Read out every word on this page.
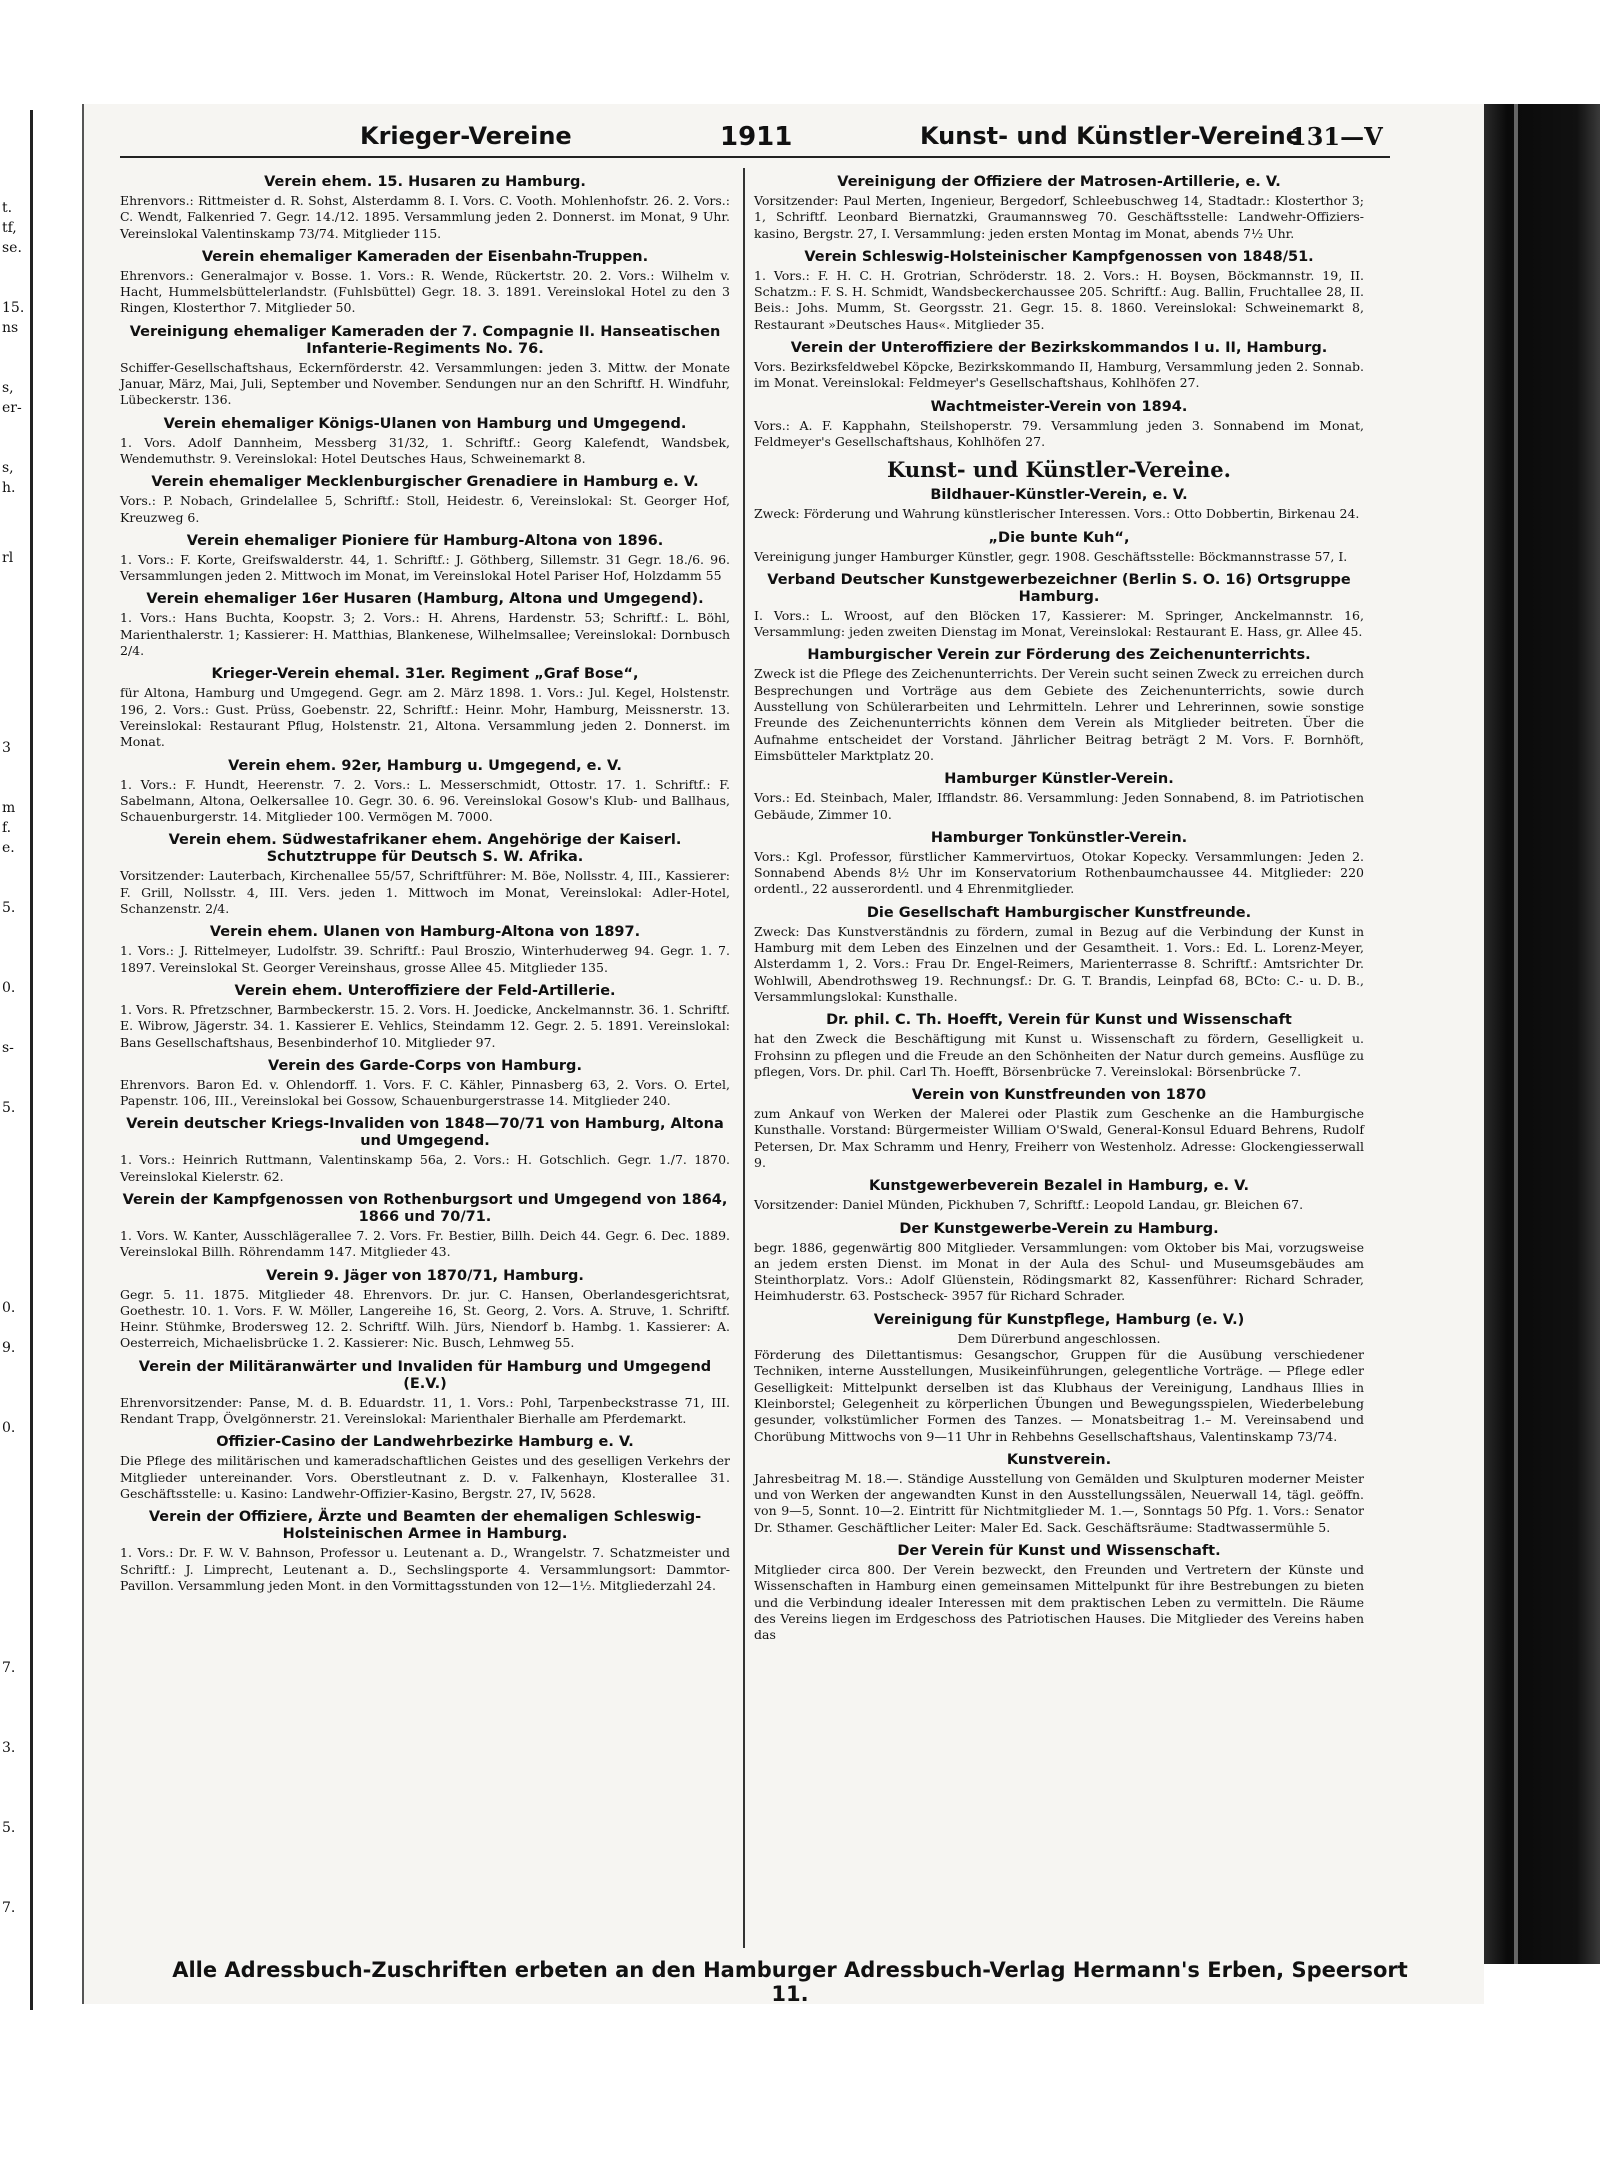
t.
tf,
se.
15.
ns
s,
er-
s,
h.
rl
3
m
f.
e.
5.
0.
s-
5.
0.
9.
0.
7.
3.
5.
7.
Krieger-Vereine	1911	Kunst- und Künstler-Vereine
131—V
Verein ehem. 15. Husaren zu Hamburg.
Ehrenvors.: Rittmeister d. R. Sohst, Alsterdamm 8. I. Vors. C. Vooth. Mohlenhofstr. 26. 2. Vors.: C. Wendt, Falkenried 7. Gegr. 14./12. 1895. Versammlung jeden 2. Donnerst. im Monat, 9 Uhr. Vereinslokal Valentinskamp 73/74. Mitglieder 115.
Verein ehemaliger Kameraden der Eisenbahn-Truppen.
Ehrenvors.: Generalmajor v. Bosse. 1. Vors.: R. Wende, Rückertstr. 20. 2. Vors.: Wilhelm v. Hacht, Hummelsbüttelerlandstr. (Fuhlsbüttel) Gegr. 18. 3. 1891. Vereinslokal Hotel zu den 3 Ringen, Klosterthor 7. Mitglieder 50.
Vereinigung ehemaliger Kameraden der 7. Compagnie II. Hanseatischen Infanterie-Regiments No. 76.
Schiffer-Gesellschaftshaus, Eckernförderstr. 42. Versammlungen: jeden 3. Mittw. der Monate Januar, März, Mai, Juli, September und November. Sendungen nur an den Schriftf. H. Windfuhr, Lübeckerstr. 136.
Verein ehemaliger Königs-Ulanen von Hamburg und Umgegend.
1. Vors. Adolf Dannheim, Messberg 31/32, 1. Schriftf.: Georg Kalefendt, Wandsbek, Wendemuthstr. 9. Vereinslokal: Hotel Deutsches Haus, Schweinemarkt 8.
Verein ehemaliger Mecklenburgischer Grenadiere in Hamburg e. V.
Vors.: P. Nobach, Grindelallee 5, Schriftf.: Stoll, Heidestr. 6, Vereinslokal: St. Georger Hof, Kreuzweg 6.
Verein ehemaliger Pioniere für Hamburg-Altona von 1896.
1. Vors.: F. Korte, Greifswalderstr. 44, 1. Schriftf.: J. Göthberg, Sillemstr. 31 Gegr. 18./6. 96. Versammlungen jeden 2. Mittwoch im Monat, im Vereinslokal Hotel Pariser Hof, Holzdamm 55
Verein ehemaliger 16er Husaren (Hamburg, Altona und Umgegend).
1. Vors.: Hans Buchta, Koopstr. 3; 2. Vors.: H. Ahrens, Hardenstr. 53; Schriftf.: L. Böhl, Marienthalerstr. 1; Kassierer: H. Matthias, Blankenese, Wilhelmsallee; Vereinslokal: Dornbusch 2/4.
Krieger-Verein ehemal. 31er. Regiment „Graf Bose“,
für Altona, Hamburg und Umgegend. Gegr. am 2. März 1898. 1. Vors.: Jul. Kegel, Holstenstr. 196, 2. Vors.: Gust. Prüss, Goebenstr. 22, Schriftf.: Heinr. Mohr, Hamburg, Meissnerstr. 13. Vereinslokal: Restaurant Pflug, Holstenstr. 21, Altona. Versammlung jeden 2. Donnerst. im Monat.
Verein ehem. 92er, Hamburg u. Umgegend, e. V.
1. Vors.: F. Hundt, Heerenstr. 7. 2. Vors.: L. Messerschmidt, Ottostr. 17. 1. Schriftf.: F. Sabelmann, Altona, Oelkersallee 10. Gegr. 30. 6. 96. Vereinslokal Gosow's Klub- und Ballhaus, Schauenburgerstr. 14. Mitglieder 100. Vermögen M. 7000.
Verein ehem. Südwestafrikaner ehem. Angehörige der Kaiserl. Schutztruppe für Deutsch S. W. Afrika.
Vorsitzender: Lauterbach, Kirchenallee 55/57, Schriftführer: M. Böe, Nollsstr. 4, III., Kassierer: F. Grill, Nollsstr. 4, III. Vers. jeden 1. Mittwoch im Monat, Vereinslokal: Adler-Hotel, Schanzenstr. 2/4.
Verein ehem. Ulanen von Hamburg-Altona von 1897.
1. Vors.: J. Rittelmeyer, Ludolfstr. 39. Schriftf.: Paul Broszio, Winterhuderweg 94. Gegr. 1. 7. 1897. Vereinslokal St. Georger Vereinshaus, grosse Allee 45. Mitglieder 135.
Verein ehem. Unteroffiziere der Feld-Artillerie.
1. Vors. R. Pfretzschner, Barmbeckerstr. 15. 2. Vors. H. Joedicke, Anckelmannstr. 36. 1. Schriftf. E. Wibrow, Jägerstr. 34. 1. Kassierer E. Vehlics, Steindamm 12. Gegr. 2. 5. 1891. Vereinslokal: Bans Gesellschaftshaus, Besenbinderhof 10. Mitglieder 97.
Verein des Garde-Corps von Hamburg.
Ehrenvors. Baron Ed. v. Ohlendorff. 1. Vors. F. C. Kähler, Pinnasberg 63, 2. Vors. O. Ertel, Papenstr. 106, III., Vereinslokal bei Gossow, Schauenburgerstrasse 14. Mitglieder 240.
Verein deutscher Kriegs-Invaliden von 1848—70/71 von Hamburg, Altona und Umgegend.
1. Vors.: Heinrich Ruttmann, Valentinskamp 56a, 2. Vors.: H. Gotschlich. Gegr. 1./7. 1870. Vereinslokal Kielerstr. 62.
Verein der Kampfgenossen von Rothenburgsort und Umgegend von 1864, 1866 und 70/71.
1. Vors. W. Kanter, Ausschlägerallee 7. 2. Vors. Fr. Bestier, Billh. Deich 44. Gegr. 6. Dec. 1889. Vereinslokal Billh. Röhrendamm 147. Mitglieder 43.
Verein 9. Jäger von 1870/71, Hamburg.
Gegr. 5. 11. 1875. Mitglieder 48. Ehrenvors. Dr. jur. C. Hansen, Oberlandesgerichtsrat, Goethestr. 10. 1. Vors. F. W. Möller, Langereihe 16, St. Georg, 2. Vors. A. Struve, 1. Schriftf. Heinr. Stühmke, Brodersweg 12. 2. Schriftf. Wilh. Jürs, Niendorf b. Hambg. 1. Kassierer: A. Oesterreich, Michaelisbrücke 1. 2. Kassierer: Nic. Busch, Lehmweg 55.
Verein der Militäranwärter und Invaliden für Hamburg und Umgegend (E.V.)
Ehrenvorsitzender: Panse, M. d. B. Eduardstr. 11, 1. Vors.: Pohl, Tarpenbeckstrasse 71, III. Rendant Trapp, Övelgönnerstr. 21. Vereinslokal: Marienthaler Bierhalle am Pferdemarkt.
Offizier-Casino der Landwehrbezirke Hamburg e. V.
Die Pflege des militärischen und kameradschaftlichen Geistes und des geselligen Verkehrs der Mitglieder untereinander. Vors. Oberstleutnant z. D. v. Falkenhayn, Klosterallee 31. Geschäftsstelle: u. Kasino: Landwehr-Offizier-Kasino, Bergstr. 27, IV, 5628.
Verein der Offiziere, Ärzte und Beamten der ehemaligen Schleswig-Holsteinischen Armee in Hamburg.
1. Vors.: Dr. F. W. V. Bahnson, Professor u. Leutenant a. D., Wrangelstr. 7. Schatzmeister und Schriftf.: J. Limprecht, Leutenant a. D., Sechslingsporte 4. Versammlungsort: Dammtor-Pavillon. Versammlung jeden Mont. in den Vormittagsstunden von 12—1½. Mitgliederzahl 24.
Vereinigung der Offiziere der Matrosen-Artillerie, e. V.
Vorsitzender: Paul Merten, Ingenieur, Bergedorf, Schleebuschweg 14, Stadtadr.: Klosterthor 3; 1, Schriftf. Leonbard Biernatzki, Graumannsweg 70. Geschäftsstelle: Landwehr-Offiziers-kasino, Bergstr. 27, I. Versammlung: jeden ersten Montag im Monat, abends 7½ Uhr.
Verein Schleswig-Holsteinischer Kampfgenossen von 1848/51.
1. Vors.: F. H. C. H. Grotrian, Schröderstr. 18. 2. Vors.: H. Boysen, Böckmannstr. 19, II. Schatzm.: F. S. H. Schmidt, Wandsbeckerchaussee 205. Schriftf.: Aug. Ballin, Fruchtallee 28, II. Beis.: Johs. Mumm, St. Georgsstr. 21. Gegr. 15. 8. 1860. Vereinslokal: Schweinemarkt 8, Restaurant »Deutsches Haus«. Mitglieder 35.
Verein der Unteroffiziere der Bezirkskommandos I u. II, Hamburg.
Vors. Bezirksfeldwebel Köpcke, Bezirkskommando II, Hamburg, Versammlung jeden 2. Sonnab. im Monat. Vereinslokal: Feldmeyer's Gesellschaftshaus, Kohlhöfen 27.
Wachtmeister-Verein von 1894.
Vors.: A. F. Kapphahn, Steilshoperstr. 79. Versammlung jeden 3. Sonnabend im Monat, Feldmeyer's Gesellschaftshaus, Kohlhöfen 27.
Kunst- und Künstler-Vereine.
Bildhauer-Künstler-Verein, e. V.
Zweck: Förderung und Wahrung künstlerischer Interessen. Vors.: Otto Dobbertin, Birkenau 24.
„Die bunte Kuh“,
Vereinigung junger Hamburger Künstler, gegr. 1908. Geschäftsstelle: Böckmannstrasse 57, I.
Verband Deutscher Kunstgewerbezeichner (Berlin S. O. 16) Ortsgruppe Hamburg.
I. Vors.: L. Wroost, auf den Blöcken 17, Kassierer: M. Springer, Anckelmannstr. 16, Versammlung: jeden zweiten Dienstag im Monat, Vereinslokal: Restaurant E. Hass, gr. Allee 45.
Hamburgischer Verein zur Förderung des Zeichenunterrichts.
Zweck ist die Pflege des Zeichenunterrichts. Der Verein sucht seinen Zweck zu erreichen durch Besprechungen und Vorträge aus dem Gebiete des Zeichenunterrichts, sowie durch Ausstellung von Schülerarbeiten und Lehrmitteln. Lehrer und Lehrerinnen, sowie sonstige Freunde des Zeichenunterrichts können dem Verein als Mitglieder beitreten. Über die Aufnahme entscheidet der Vorstand. Jährlicher Beitrag beträgt 2 M. Vors. F. Bornhöft, Eimsbütteler Marktplatz 20.
Hamburger Künstler-Verein.
Vors.: Ed. Steinbach, Maler, Ifflandstr. 86. Versammlung: Jeden Sonnabend, 8. im Patriotischen Gebäude, Zimmer 10.
Hamburger Tonkünstler-Verein.
Vors.: Kgl. Professor, fürstlicher Kammervirtuos, Otokar Kopecky. Versammlungen: Jeden 2. Sonnabend Abends 8½ Uhr im Konservatorium Rothenbaumchaussee 44. Mitglieder: 220 ordentl., 22 ausserordentl. und 4 Ehrenmitglieder.
Die Gesellschaft Hamburgischer Kunstfreunde.
Zweck: Das Kunstverständnis zu fördern, zumal in Bezug auf die Verbindung der Kunst in Hamburg mit dem Leben des Einzelnen und der Gesamtheit. 1. Vors.: Ed. L. Lorenz-Meyer, Alsterdamm 1, 2. Vors.: Frau Dr. Engel-Reimers, Marienterrasse 8. Schriftf.: Amtsrichter Dr. Wohlwill, Abendrothsweg 19. Rechnungsf.: Dr. G. T. Brandis, Leinpfad 68, BCto: C.- u. D. B., Versammlungslokal: Kunsthalle.
Dr. phil. C. Th. Hoefft, Verein für Kunst und Wissenschaft
hat den Zweck die Beschäftigung mit Kunst u. Wissenschaft zu fördern, Geselligkeit u. Frohsinn zu pflegen und die Freude an den Schönheiten der Natur durch gemeins. Ausflüge zu pflegen, Vors. Dr. phil. Carl Th. Hoefft, Börsenbrücke 7. Vereinslokal: Börsenbrücke 7.
Verein von Kunstfreunden von 1870
zum Ankauf von Werken der Malerei oder Plastik zum Geschenke an die Hamburgische Kunsthalle. Vorstand: Bürgermeister William O'Swald, General-Konsul Eduard Behrens, Rudolf Petersen, Dr. Max Schramm und Henry, Freiherr von Westenholz. Adresse: Glockengiesserwall 9.
Kunstgewerbeverein Bezalel in Hamburg, e. V.
Vorsitzender: Daniel Münden, Pickhuben 7, Schriftf.: Leopold Landau, gr. Bleichen 67.
Der Kunstgewerbe-Verein zu Hamburg.
begr. 1886, gegenwärtig 800 Mitglieder. Versammlungen: vom Oktober bis Mai, vorzugsweise an jedem ersten Dienst. im Monat in der Aula des Schul- und Museumsgebäudes am Steinthorplatz. Vors.: Adolf Glüenstein, Rödingsmarkt 82, Kassenführer: Richard Schrader, Heimhuderstr. 63. Postscheck- 3957 für Richard Schrader.
Vereinigung für Kunstpflege, Hamburg (e. V.)
Dem Dürerbund angeschlossen.
Förderung des Dilettantismus: Gesangschor, Gruppen für die Ausübung verschiedener Techniken, interne Ausstellungen, Musikeinführungen, gelegentliche Vorträge. — Pflege edler Geselligkeit: Mittelpunkt derselben ist das Klubhaus der Vereinigung, Landhaus Illies in Kleinborstel; Gelegenheit zu körperlichen Übungen und Bewegungsspielen, Wiederbelebung gesunder, volkstümlicher Formen des Tanzes. — Monatsbeitrag 1.– M. Vereinsabend und Chorübung Mittwochs von 9—11 Uhr in Rehbehns Gesellschaftshaus, Valentinskamp 73/74.
Kunstverein.
Jahresbeitrag M. 18.—. Ständige Ausstellung von Gemälden und Skulpturen moderner Meister und von Werken der angewandten Kunst in den Ausstellungssälen, Neuerwall 14, tägl. geöffn. von 9—5, Sonnt. 10—2. Eintritt für Nichtmitglieder M. 1.—, Sonntags 50 Pfg. 1. Vors.: Senator Dr. Sthamer. Geschäftlicher Leiter: Maler Ed. Sack. Geschäftsräume: Stadtwassermühle 5.
Der Verein für Kunst und Wissenschaft.
Mitglieder circa 800. Der Verein bezweckt, den Freunden und Vertretern der Künste und Wissenschaften in Hamburg einen gemeinsamen Mittelpunkt für ihre Bestrebungen zu bieten und die Verbindung idealer Interessen mit dem praktischen Leben zu vermitteln. Die Räume des Vereins liegen im Erdgeschoss des Patriotischen Hauses. Die Mitglieder des Vereins haben das
Alle Adressbuch-Zuschriften erbeten an den Hamburger Adressbuch-Verlag Hermann's Erben, Speersort 11.
